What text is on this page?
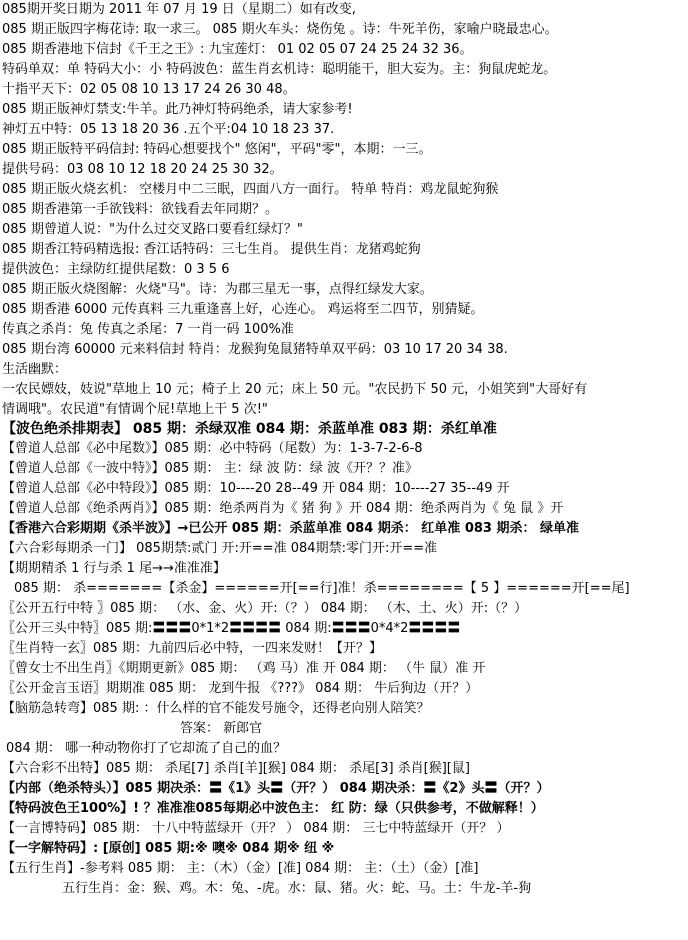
085期开奖日期为 2011 年 07 月 19 日（星期二）如有改变,
085 期正版四字梅花诗: 取一求三。 085 期火车头：烧伤兔 。诗：牛死羊伤，家喻户晓最忠心。
085 期香港地下信封《千王之王》: 九宝莲灯： 01 02 05 07 24 25 24 32 36。
特码单双：单 特码大小：小 特码波色：蓝生肖玄机诗：聪明能干，胆大妄为。主：狗鼠虎蛇龙。
十指平天下：02 05 08 10 13 17 24 26 30 48。
085 期正版神灯禁支:牛羊。此乃神灯特码绝杀，请大家参考!
神灯五中特：05 13 18 20 36 .五个平:04 10 18 23 37.
085 期正版特平码信封: 特码心想要找个" 悠闲"，平码"零"，本期：一三。
提供号码：03 08 10 12 18 20 24 25 30 32。
085 期正版火烧玄机： 空楼月中二三眠，四面八方一面行。 特单 特肖：鸡龙鼠蛇狗猴
085 期香港第一手欲钱料：欲钱看去年同期？。
085 期曾道人说："为什么过交叉路口要看红绿灯？"
085 期香江特码精选报: 香江话特码：三七生肖。 提供生肖：龙猪鸡蛇狗
提供波色：主绿防红提供尾数：0 3 5 6
085 期正版火烧图解：火烧"马"。诗：为郡三星无一事，点得红绿发大家。
085 期香港 6000 元传真料 三九重逢喜上好，心连心。 鸡运将至二四节，别猜疑。
传真之杀肖：兔 传真之杀尾：7 一肖一码 100%准
085 期台湾 60000 元来料信封 特肖：龙猴狗兔鼠猪特单双平码：03 10 17 20 34 38.
生活幽默：
一农民嫖妓，妓说"草地上 10 元；椅子上 20 元；床上 50 元。"农民扔下 50 元，小姐笑到"大哥好有
情调哦"。农民道"有情调个屁!草地上干 5 次!"
【波色绝杀排期表】 085 期：杀绿双准 084 期：杀蓝单准 083 期：杀红单准
【曾道人总部《必中尾数》】085 期：必中特码（尾数）为：1-3-7-2-6-8
【曾道人总部《一波中特》】085 期： 主：绿 波 防：绿 波《开？？准》
【曾道人总部《必中特段》】085 期：10----20 28--49 开 084 期：10----27 35--49 开
【曾道人总部《绝杀两肖》】085 期：绝杀两肖为《 猪 狗 》开 084 期：绝杀两肖为《 兔 鼠 》开
【香港六合彩期期《杀半波》】→已公开 085 期：杀蓝单准 084 期杀： 红单准 083 期杀： 绿单准
【六合彩每期杀一门】 085期禁:贰门 开:开==准 084期禁:零门开:开==准
【期期精杀 1 行与杀 1 尾→→准准准】
085 期： 杀=======【杀金】======开[==行]准！杀========【 5 】======开[==尾]
〖公开五行中特 〗085 期： （水、金、火）开:（？） 084 期： （木、土、火）开:（？）
〖公开三头中特〗085 期:〓〓〓0*1*2〓〓〓〓 084 期:〓〓〓0*4*2〓〓〓〓
〖生肖特一玄〗085 期：九前四后必中特，一四来发财！【开？】
〖曾女士不出生肖〗《期期更新》085 期： （鸡 马）准 开 084 期： （牛 鼠）准 开
〖公开金言玉语〗期期准 085 期： 龙到牛报 《???》 084 期： 牛后狗边（开？）
【脑筋急转弯】085 期: ：什么样的官不能发号施令，还得老向别人陪笑？
答案： 新郎官
084 期： 哪一种动物你打了它却流了自己的血？
【六合彩不出特】085 期： 杀尾[7] 杀肖[羊][猴] 084 期： 杀尾[3] 杀肖[猴][鼠]
【内部（绝杀特头）】085 期决杀：〓《1》头〓（开？） 084 期决杀：〓《2》头〓（开？）
【特码波色王100%】! ？准准准085每期必中波色主： 红 防：绿（只供参考，不做解释！）
【一言博特码】085 期： 十八中特蓝绿开（开？ ） 084 期： 三七中特蓝绿开（开？ ）
【一字解特码】: [原创] 085 期:※ 噢※ 084 期※ 纽 ※
【五行生肖】-参考料 085 期： 主：（木）（金）[准] 084 期： 主：（土）（金）[准]
五行生肖：金：猴、鸡。木：兔、-虎。水：鼠、猪。火：蛇、马。土：牛龙-羊-狗
